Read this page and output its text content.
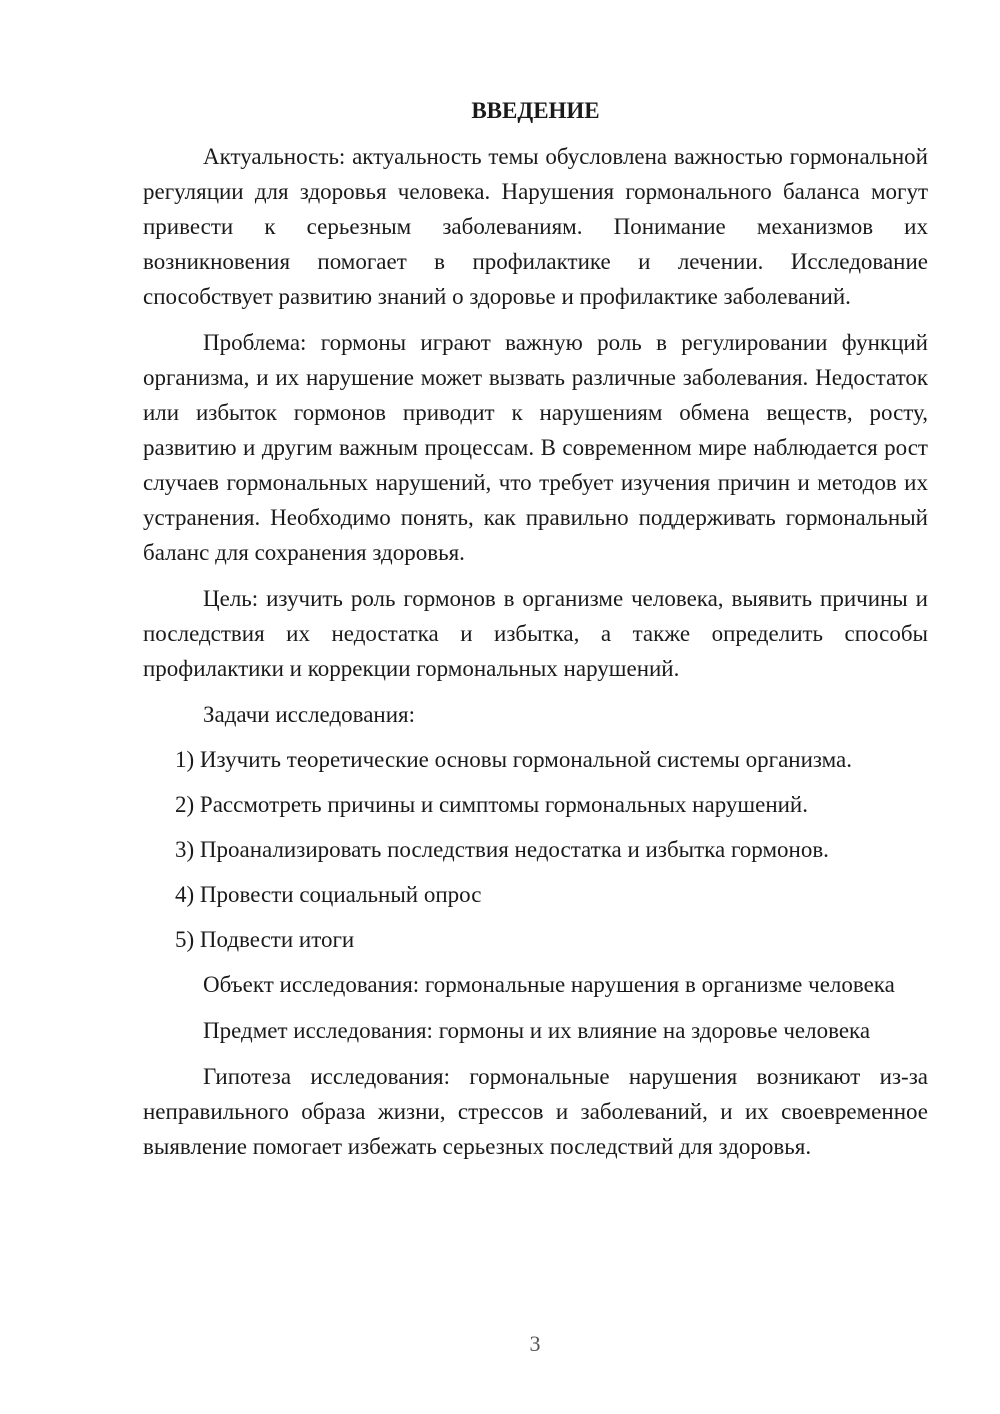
ВВЕДЕНИЕ

Актуальность: актуальность темы обусловлена важностью гормональной регуляции для здоровья человека. Нарушения гормонального баланса могут привести к серьезным заболеваниям. Понимание механизмов их возникновения помогает в профилактике и лечении. Исследование способствует развитию знаний о здоровье и профилактике заболеваний.

Проблема: гормоны играют важную роль в регулировании функций организма, и их нарушение может вызвать различные заболевания. Недостаток или избыток гормонов приводит к нарушениям обмена веществ, росту, развитию и другим важным процессам. В современном мире наблюдается рост случаев гормональных нарушений, что требует изучения причин и методов их устранения. Необходимо понять, как правильно поддерживать гормональный баланс для сохранения здоровья.

Цель: изучить роль гормонов в организме человека, выявить причины и последствия их недостатка и избытка, а также определить способы профилактики и коррекции гормональных нарушений.

Задачи исследования:

1) Изучить теоретические основы гормональной системы организма.

2) Рассмотреть причины и симптомы гормональных нарушений.

3) Проанализировать последствия недостатка и избытка гормонов.

4) Провести социальный опрос

5) Подвести итоги

Объект исследования: гормональные нарушения в организме человека

Предмет исследования: гормоны и их влияние на здоровье человека

Гипотеза исследования: гормональные нарушения возникают из-за неправильного образа жизни, стрессов и заболеваний, и их своевременное выявление помогает избежать серьезных последствий для здоровья.

3
